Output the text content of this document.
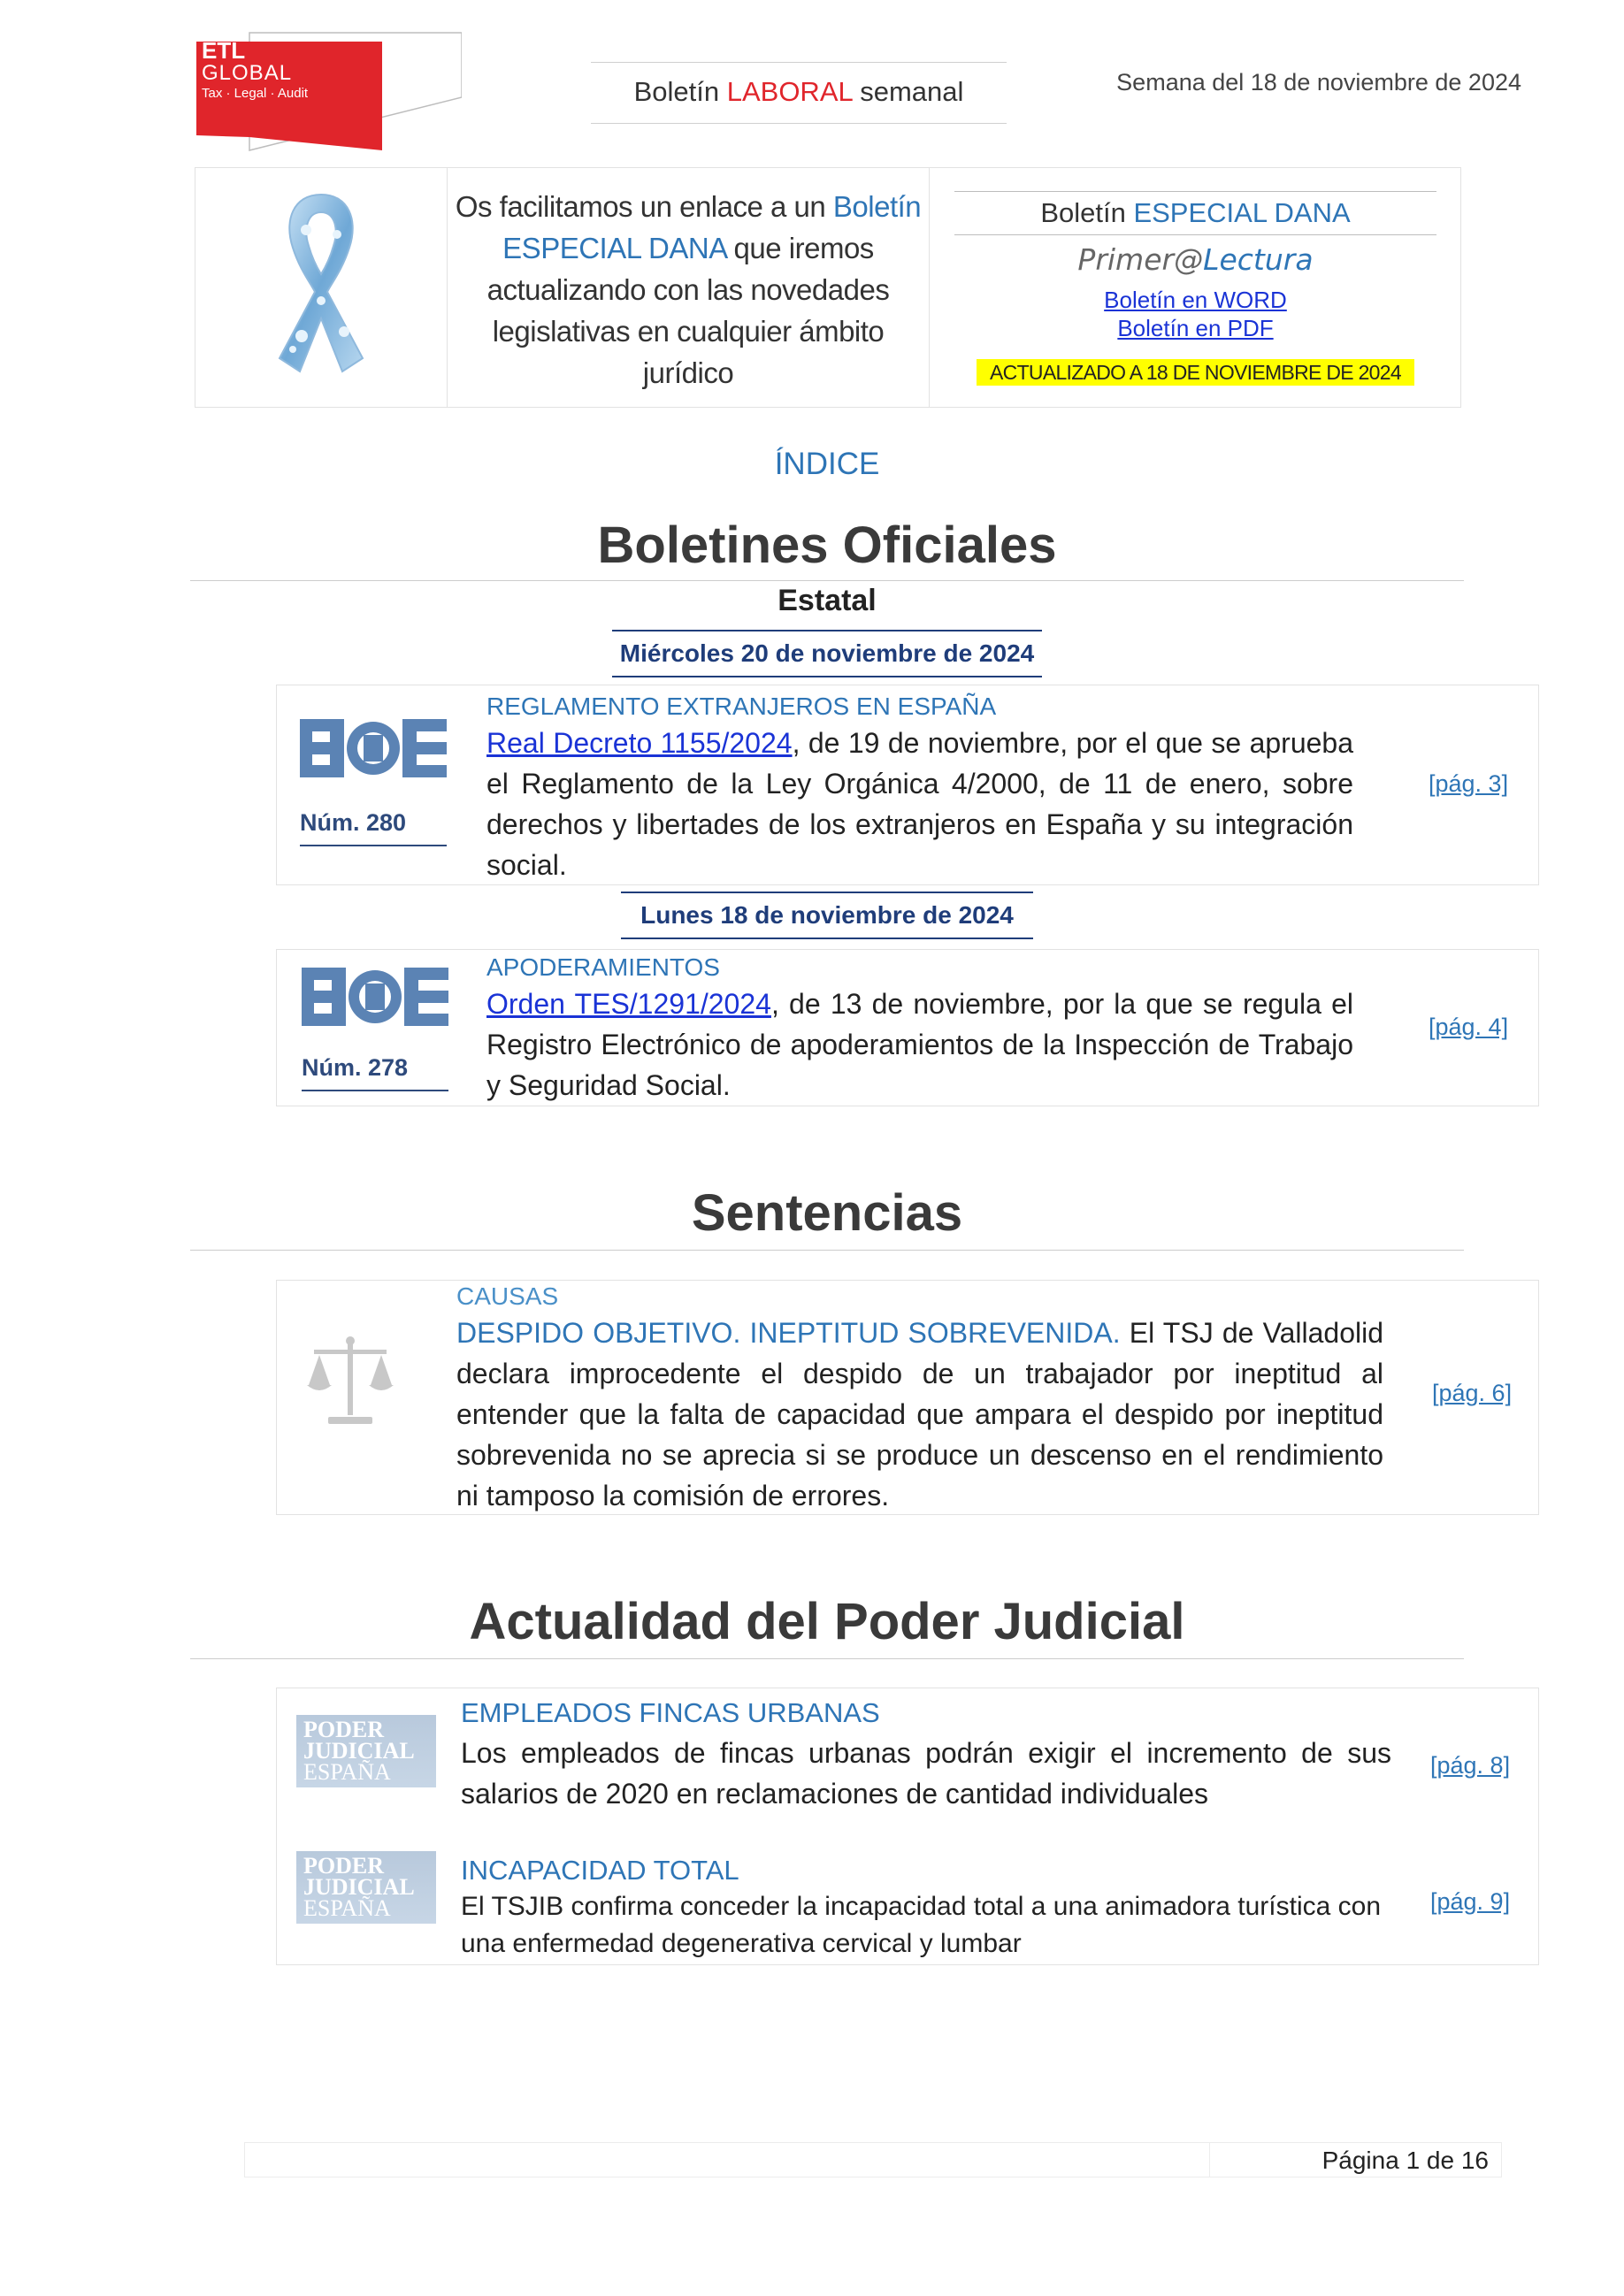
ETL
GLOBAL
Tax · Legal · Audit	Boletín LABORAL semanal	Semana del 18 de noviembre de 2024
Os facilitamos un enlace a un Boletín ESPECIAL DANA que iremos actualizando con las novedades legislativas en cualquier ámbito jurídico
Boletín ESPECIAL DANA
Primer@Lectura
Boletín en WORD
Boletín en PDF
ACTUALIZADO A 18 DE NOVIEMBRE DE 2024
ÍNDICE
Boletines Oficiales
Estatal
Miércoles 20 de noviembre de 2024
Núm. 280
REGLAMENTO EXTRANJEROS EN ESPAÑA
Real Decreto 1155/2024, de 19 de noviembre, por el que se aprueba el Reglamento de la Ley Orgánica 4/2000, de 11 de enero, sobre derechos y libertades de los extranjeros en España y su integración social.
[pág. 3]
Lunes 18 de noviembre de 2024
Núm. 278
APODERAMIENTOS
Orden TES/1291/2024, de 13 de noviembre, por la que se regula el Registro Electrónico de apoderamientos de la Inspección de Trabajo y Seguridad Social.
[pág. 4]
Sentencias
CAUSAS
DESPIDO OBJETIVO. INEPTITUD SOBREVENIDA. El TSJ de Valladolid declara improcedente el despido de un trabajador por ineptitud al entender que la falta de capacidad que ampara el despido por ineptitud sobrevenida no se aprecia si se produce un descenso en el rendimiento ni tamposo la comisión de errores.
[pág. 6]
Actualidad del Poder Judicial
PODER
JUDICIAL
ESPAÑA
EMPLEADOS FINCAS URBANAS
Los empleados de fincas urbanas podrán exigir el incremento de sus salarios de 2020 en reclamaciones de cantidad individuales
[pág. 8]
PODER
JUDICIAL
ESPAÑA
INCAPACIDAD TOTAL
El TSJIB confirma conceder la incapacidad total a una animadora turística con una enfermedad degenerativa cervical y lumbar
[pág. 9]
Página 1 de 16
